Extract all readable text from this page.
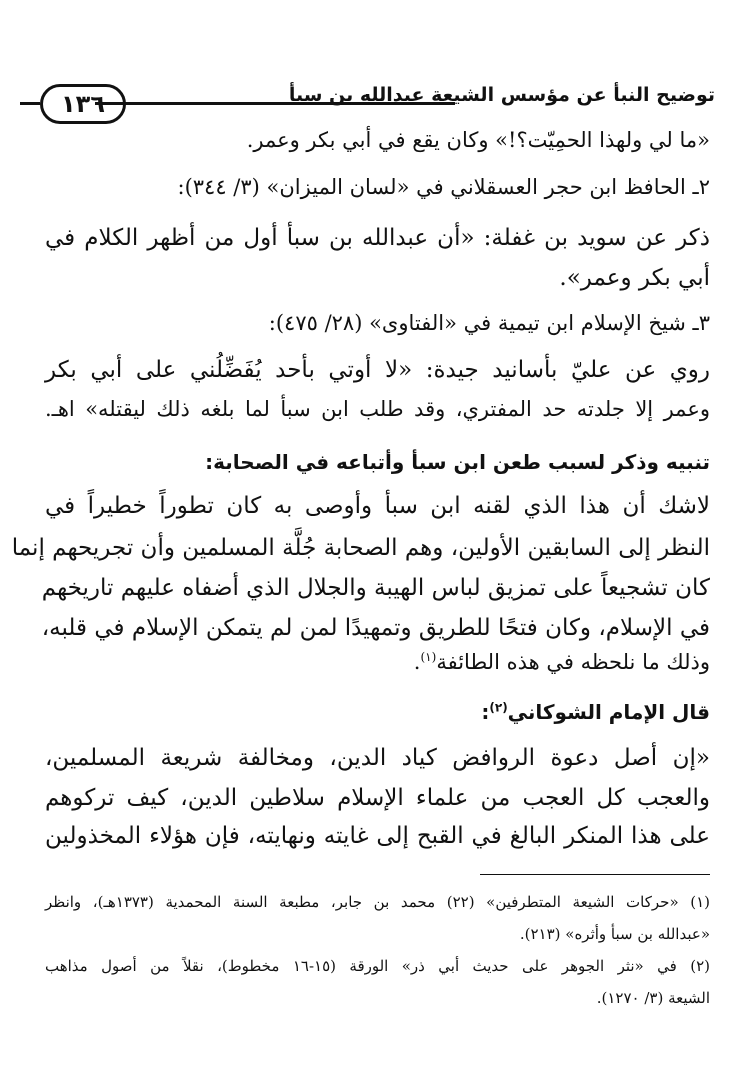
١٣٦	توضيح النبأ عن مؤسس الشيعة عبدالله بن سبأ
«ما لي ولهذا الحمِيّت؟!» وكان يقع في أبي بكر وعمر.
٢ـ الحافظ ابن حجر العسقلاني في «لسان الميزان» (٣/ ٣٤٤):
ذكر عن سويد بن غفلة: «أن عبدالله بن سبأ أول من أظهر الكلام في
أبي بكر وعمر».
٣ـ شيخ الإسلام ابن تيمية في «الفتاوى» (٢٨/ ٤٧٥):
روي عن عليّ بأسانيد جيدة: «لا أوتي بأحد يُفَضِّلُني على أبي بكر
وعمر إلا جلدته حد المفتري، وقد طلب ابن سبأ لما بلغه ذلك ليقتله» اهـ.
تنبيه وذكر لسبب طعن ابن سبأ وأتباعه في الصحابة:
لاشك أن هذا الذي لقنه ابن سبأ وأوصى به كان تطوراً خطيراً في
النظر إلى السابقين الأولين، وهم الصحابة جُلَّة المسلمين وأن تجريحهم إنما
كان تشجيعاً على تمزيق لباس الهيبة والجلال الذي أضفاه عليهم تاريخهم
في الإسلام، وكان فتحًا للطريق وتمهيدًا لمن لم يتمكن الإسلام في قلبه،
وذلك ما نلحظه في هذه الطائفة$^{(١)}$.
قال الإمام الشوكاني$^{(٢)}$:
«إن أصل دعوة الروافض كياد الدين، ومخالفة شريعة المسلمين،
والعجب كل العجب من علماء الإسلام سلاطين الدين، كيف تركوهم
على هذا المنكر البالغ في القبح إلى غايته ونهايته، فإن هؤلاء المخذولين
(١) «حركات الشيعة المتطرفين» (٢٢) محمد بن جابر، مطبعة السنة المحمدية (١٣٧٣هـ)، وانظر
«عبدالله بن سبأ وأثره» (٢١٣).
(٢) في «نثر الجوهر على حديث أبي ذر» الورقة (١٥-١٦ مخطوط)، نقلاً من أصول مذاهب
الشيعة (٣/ ١٢٧٠).
